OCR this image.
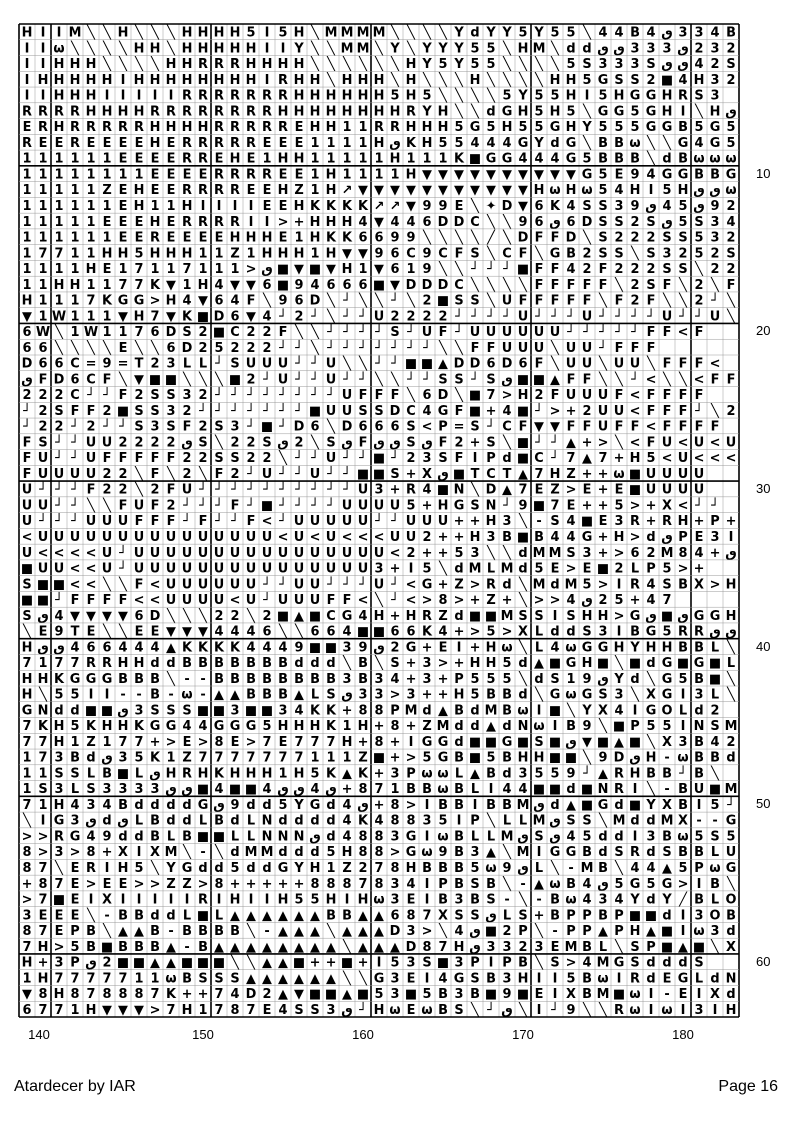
H I I M ╲ ╲ H ╲ ╲ ╲ H H H H 5 I 5 H ╲ M M M M ╲ ╲ ╲ ╲ Y d Y Y 5 Y 5 5 ╲ 4 4 B 4 ٯ 3 3 4 B
I I ω ╲ ╲ ╲ ╲ H H ╲ H H H H H I I Y ╲ ╲ M M ╲ Y ╲ Y Y Y 5 5 ╲ H M ╲ d d ٯ ٯ 3 3 3 ٯ 2 3 2
I I H H H ╲ ╲ ╲ ╲ H H R R R H H H H ╲ ╲ ╲ ╲ ╲ ╲ H Y 5 Y 5 5 ╲ ╲ ╲ ╲ 5 S 3 3 3 S ٯ ٯ 4 2 S
I H H H H H I H H H H H H H H I R H H ╲ H H H ╲ H ╲ ╲ ╲ H ╲ ╲ ╲ ╲ H H 5 G S S 2 ■ 4 H 3 2
I I H H H I I I I I R R R R R R R H H H H H H 5 H 5 ╲ ╲ ╲ ╲ 5 Y 5 5 H I 5 H G G H R S 3
R R R R H H H H R R R R R R R R H H H H H H H H R Y H ╲ ╲ d G H 5 H 5 ╲ G G 5 G H I ╲ H ٯ
E R H R R R R R H H H H R R R R R E H H 1 1 R R H H H 5 G 5 H 5 5 G H Y 5 5 5 G G B 5 G 5
R E E R E E E E H E R R R R R E E E 1 1 1 1 H ٯ K H 5 5 4 4 4 G Y d G ╲ B B ω ╲ ╲ G 4 G 5
1 1 1 1 1 1 E E E E R R E H E 1 H H 1 1 1 1 1 H 1 1 1 K ■ G G 4 4 4 G 5 B B B ╲ d B ω ω ω
1 1 1 1 1 1 1 1 E E E E R R R R E E 1 H 1 1 1 1 H ▼ ▼ ▼ ▼ ▼ ▼ ▼ ▼ ▼ ▼ G 5 E 9 4 G G B B G
1 1 1 1 1 Z E H E E R R R R E E H Z 1 H ↗ ▼ ▼ ▼ ▼ ▼ ▼ ▼ ▼ ▼ ▼ ▼ H ω H ω 5 4 H I 5 H ٯ ٯ ω
1 1 1 1 1 1 E H 1 1 H I I I I E E H K K K K ↗ ↗ ▼ 9 9 E ╲ ✦ D ▼ 6 K 4 S S 3 9 ٯ 4 5 ٯ 9 2
1 1 1 1 1 E E E H E R R R R I I > + H H H 4 ▼ 4 4 6 D D C ╲ ╲ 9 6 ٯ 6 D S S 2 S ٯ 5 S 3 4
1 1 1 1 1 1 E E R E E E E H H H E 1 H K K 6 6 9 9 ╲ ╲ ╲ ╲ ╱ ╲ D F F D ╲ S 2 2 2 S S 5 3 2
1 7 7 1 1 H H 5 H H H 1 1 Z 1 H H H 1 H ▼ ▼ 9 6 C 9 C F S ╲ C F ╲ G B 2 S S ╲ S 3 2 5 2 S
1 1 1 1 H E 1 7 1 1 7 1 1 1 > ٯ ■ ▼ ■ ▼ H 1 ▼ 6 1 9 ╲ ╲ ┘ ┘ ┘ ■ F F 4 2 F 2 2 2 S S ╲ 2 2
1 1 H H 1 1 7 7 K ▼ 1 H 4 ▼ ▼ 6 ■ 9 4 6 6 6 ■ ▼ D D D C ╲ ╲ ╲ ╲ F F F F F ╲ 2 S F ╲ 2 ╲ F
H 1 1 1 7 K G G > H 4 ▼ 6 4 F ╲ 9 6 D ╲ ┘ ╲ ╲ ┘ ╲ 2 ■ S S ╲ U F F F F F ╲ F 2 F ╲ ╲ 2 ┘ ╲
▼ 1 W 1 1 1 ▼ H 7 ▼ K ■ D 6 ▼ 4 ┘ 2 ┘ ╲ ┘ ┘ U 2 2 2 2 ┘ ┘ ┘ ┘ U ┘ ┘ ┘ U ┘ ┘ ┘ ┘ U ┘ ┘ U ╲
6 W ╲ 1 W 1 1 7 6 D S 2 ■ C 2 2 F ╲ ╲ ┘ ┘ ┘ ┘ S ┘ U F ┘ U U U U U U ┘ ┘ ┘ ┘ ┘ F F < F
6 6 ╲ ╲ ╲ ╲ E ╲ ╲ 6 D 2 5 2 2 2 ┘ ┘ ╲ ┘ ┘ ┘ ┘ ┘ ┘ ┘ ╲ ╲ F F U U U ╲ U U ┘ F F F
D 6 6 C = 9 = T 2 3 L L ┘ S U U U ┘ ┘ U ╲ ╲ ┘ ┘ ■ ■ ▲ D D 6 D 6 F ╲ U U ╲ U U ╲ F F F <
ٯ F D 6 C F ╲ ▼ ■ ■ ╲ ╲ ╲ ■ 2 ┘ U ┘ ┘ U ┘ ┘ ╲ ╲ ┘ ┘ S S ┘ S ٯ ■ ■ ▲ F F ╲ ╲ ┘ < ╲ ╲ < F F
2 2 2 C ┘ ┘ F 2 S S 3 2 ┘ ┘ ┘ ┘ ┘ ┘ ┘ ┘ U F F F ╲ 6 D ╲ ■ 7 > H 2 F U U U F < F F F F
┘ 2 S F F 2 ■ S S 3 2 ┘ ┘ ┘ ┘ ┘ ┘ ┘ ■ U U S S D C 4 G F ■ + 4 ■ ┘ > + 2 U U < F F F ┘ ╲ 2
┘ 2 2 ┘ 2 ┘ ┘ S 3 S F 2 S 3 ┘ ■ ┘ D 6 ╲ D 6 6 6 S < P = S ┘ C F ▼ ▼ F F U F F < F F F F
F S ┘ ┘ U U 2 2 2 2 ٯ S ╲ 2 2 S ٯ 2 ╲ S ٯ F ٯ ٯ S ٯ F 2 + S ╲ ■ ┘ ┘ ▲ + > ╲ < F U < U < U
F U ┘ ┘ U F F F F F 2 2 S S 2 2 ╲ ┘ ┘ U ┘ ┘ ■ ┘ 2 3 S F I P d ■ C ┘ 7 ▲ 7 + H 5 < U < < <
F U U U U 2 2 ╲ F ╲ 2 ╲ F 2 ┘ U ┘ ┘ U ┘ ┘ ■ ■ S + X ٯ ■ T C T ▲ 7 H Z + + ω ■ U U U U
U ┘ ┘ ┘ F 2 2 ╲ 2 F U ┘ ┘ ┘ ┘ ┘ ┘ ┘ ┘ ┘ ┘ U 3 + R 4 ■ N ╲ D ▲ 7 E Z > E + E ■ U U U U
U U ┘ ┘ ╲ ╲ F U F 2 ┘ ┘ ┘ F ┘ ■ ┘ ┘ ┘ ┘ U U U U 5 + H G S N ┘ 9 ■ 7 E + + 5 > + X < ┘ ┘
U ┘ ┘ ┘ U U U F F F ┘ F ┘ ┘ F < ┘ U U U U U ┘ ┘ U U U + + H 3 ╲ - S 4 ■ E 3 R + R H + P +
< U U U U U U U U U U U U U U U < U < U < < < U U 2 + + H 3 B ■ B 4 4 G + H > d ٯ P E 3 I
U < < < < U ┘ U U U U U U U U U U U U U U U U < 2 + + 5 3 ╲ ╲ d M M S 3 + > 6 2 M 8 4 + ٯ
■ U U < < U ┘ U U U U U U U U U U U U U U U 3 + I 5 ╲ d M L M d 5 E > E ■ 2 L P 5 > +
S ■ ■ < < ╲ ╲ F < U U U U U U ┘ ┘ U U ┘ ┘ ┘ U ┘ < G + Z > R d ╲ M d M 5 > I R 4 S B X > H
■ ■ ┘ F F F F < < U U U U < U ┘ U U U F F < ╲ ┘ < > 8 > + Z + ╲ > > 4 ٯ 2 5 + 4 7
S ٯ 4 ▼ ▼ ▼ ▼ 6 D ╲ ╲ ╲ 2 2 ╲ 2 ■ ▲ ■ C G 4 H + H R Z d ■ ■ M S S I S H H > G ٯ ■ ٯ G G H
╲ E 9 T E ╲ ╲ E E ▼ ▼ ▼ 4 4 4 6 ╲ ╲ 6 6 4 ■ ■ 6 6 K 4 + > 5 > X L d d S 3 I B G 5 R R ٯ ٯ
H ٯ ٯ 4 6 6 4 4 4 ▲ K K K K 4 4 4 9 ■ ■ 3 9 ٯ 2 G + E I + H ω ╲ L 4 ω G G H Y H H B B L ╲
7 1 7 7 R R H H d d B B B B B B B d d d ╲ B ╲ S + 3 > + H H 5 d ▲ ■ G H ■ ╲ ■ d G ■ G ■ L
H H K G G G B B B ╲ - - B B B B B B B B 3 B 3 4 + 3 + P 5 5 5 ╲ d S 1 9 ٯ Y d ╲ G 5 B ■ ╲
H ╲ 5 5 I I - - B - ω - ▲ ▲ B B B ▲ L S ٯ 3 3 > 3 + + H 5 B B d ╲ G ω G S 3 ╲ X G I 3 L ╲
G N d d ■ ■ ٯ 3 S S S ■ ■ 3 ■ ■ 3 4 K K + 8 8 P M d ▲ B d M B ω I ■ ╲ Y X 4 I G O L d 2
7 K H 5 K H H K G G 4 4 G G G 5 H H H K 1 H + 8 + Z M d d ▲ d N ω I B 9 ╲ ■ P 5 5 I N S M
7 7 H 1 Z 1 7 7 + > E > 8 E > 7 E 7 7 7 H + 8 + I G G d ■ ■ G ■ S ■ ٯ ▼ ■ ▲ ■ ╲ X 3 B 4 2
1 7 3 B d ٯ 3 5 K 1 Z 7 7 7 7 7 7 7 1 1 1 Z ■ + > 5 G B ■ 5 B H H ■ ■ ╲ 9 D ٯ H - ω B B d
1 1 S S L B ■ L ٯ H R H K H H H 1 H 5 K ▲ K + 3 P ω ω L ▲ B d 3 5 5 9 ┘ ▲ R H B B ┘ B ╲
1 S 3 L S 3 3 3 3 ٯ ٯ ■ 4 ■ ■ 4 ٯ ٯ 4 ٯ + 8 7 1 B B ω B L I 4 4 ■ ■ d ■ N R I ╲ - B U ■ M
7 1 H 4 3 4 B d d d d G ٯ 9 d d 5 Y G d 4 ٯ + 8 > I B B I B B M ٯ d ▲ ■ G d ■ Y X B I 5 ┘
╲ I G 3 ٯ d ٯ L B d d L B d L N d d d d 4 K 4 8 8 3 5 I P ╲ L L M ٯ S S ╲ M d d M X - - G
> > R G 4 9 d d B L B ■ ■ L L N N N ٯ d 4 8 8 3 G I ω B L L M ٯ S ٯ 4 5 d d I 3 B ω 5 S 5
8 > 3 > 8 + X I X M ╲ - ╲ d M M d d d 5 H 8 8 > G ω 9 B 3 ▲ ╲ M I G G B d S R d S B B L U
8 7 ╲ E R I H 5 ╲ Y G d d 5 d d G Y H 1 Z 2 7 8 H B B B 5 ω 9 ٯ L ╲ - M B ╲ 4 4 ▲ 5 P ω G
+ 8 7 E > E E > > Z Z > 8 + + + + + 8 8 8 7 8 3 4 I P B S B ╲ - ▲ ω B 4 ٯ 5 G 5 G > I B ╲
> 7 ■ E I X I I I I I R I H I I H 5 5 H I H ω 3 E I B 3 B S - ╲ - B ω 4 3 4 Y d Y ╱ B L O
3 E E E ╲ - B B d d L ■ L ▲ ▲ ▲ ▲ ▲ ▲ B B ▲ ▲ 6 8 7 X S S ٯ L S + B P P B P ■ ■ d I 3 O B
8 7 E P B ╲ ▲ ▲ B - B B B B ╲ - ▲ ▲ ▲ ╲ ▲ ▲ ▲ D 3 > ╲ 4 ٯ ■ 2 P ╲ - P P ▲ P H ▲ ■ I ω 3 d
7 H > 5 B ■ B B B ▲ - B ▲ ▲ ▲ ▲ ▲ ▲ ▲ ▲ ╲ ▲ ▲ ▲ D 8 7 H ٯ 3 3 2 3 E M B L ╲ S P ■ ▲ ■ ╲ X
H + 3 P ٯ 2 ■ ■ ▲ ▲ ■ ■ ■ ╲ ╲ ▲ ▲ ■ + + ■ + I 5 3 S ■ 3 P I P B ╲ S > 4 M G S d d d S
1 H 7 7 7 7 7 1 1 ω B S S S ▲ ▲ ▲ ▲ ▲ ▲ ╲ ╲ G 3 E I 4 G S B 3 H I I 5 B ω I R d E G L d N
▼ 8 H 8 7 8 8 8 7 K + + 7 4 D 2 ▲ ▼ ■ ■ ▲ ■ 5 3 ■ 5 B 3 B ■ 9 ■ E I X B M ■ ω I - E I X d
6 7 7 1 H ▼ ▼ ▼ > 7 H 1 7 8 7 E 4 S S 3 ٯ ┘ H ω E ω B S ╲ ┘ ٯ ╲ I ┘ 9 ╲ ╲ R ω I ω I 3 I H
140	150	160	170	180
10
20
30
40
50
60
Atardecer by IAR	Page 16
